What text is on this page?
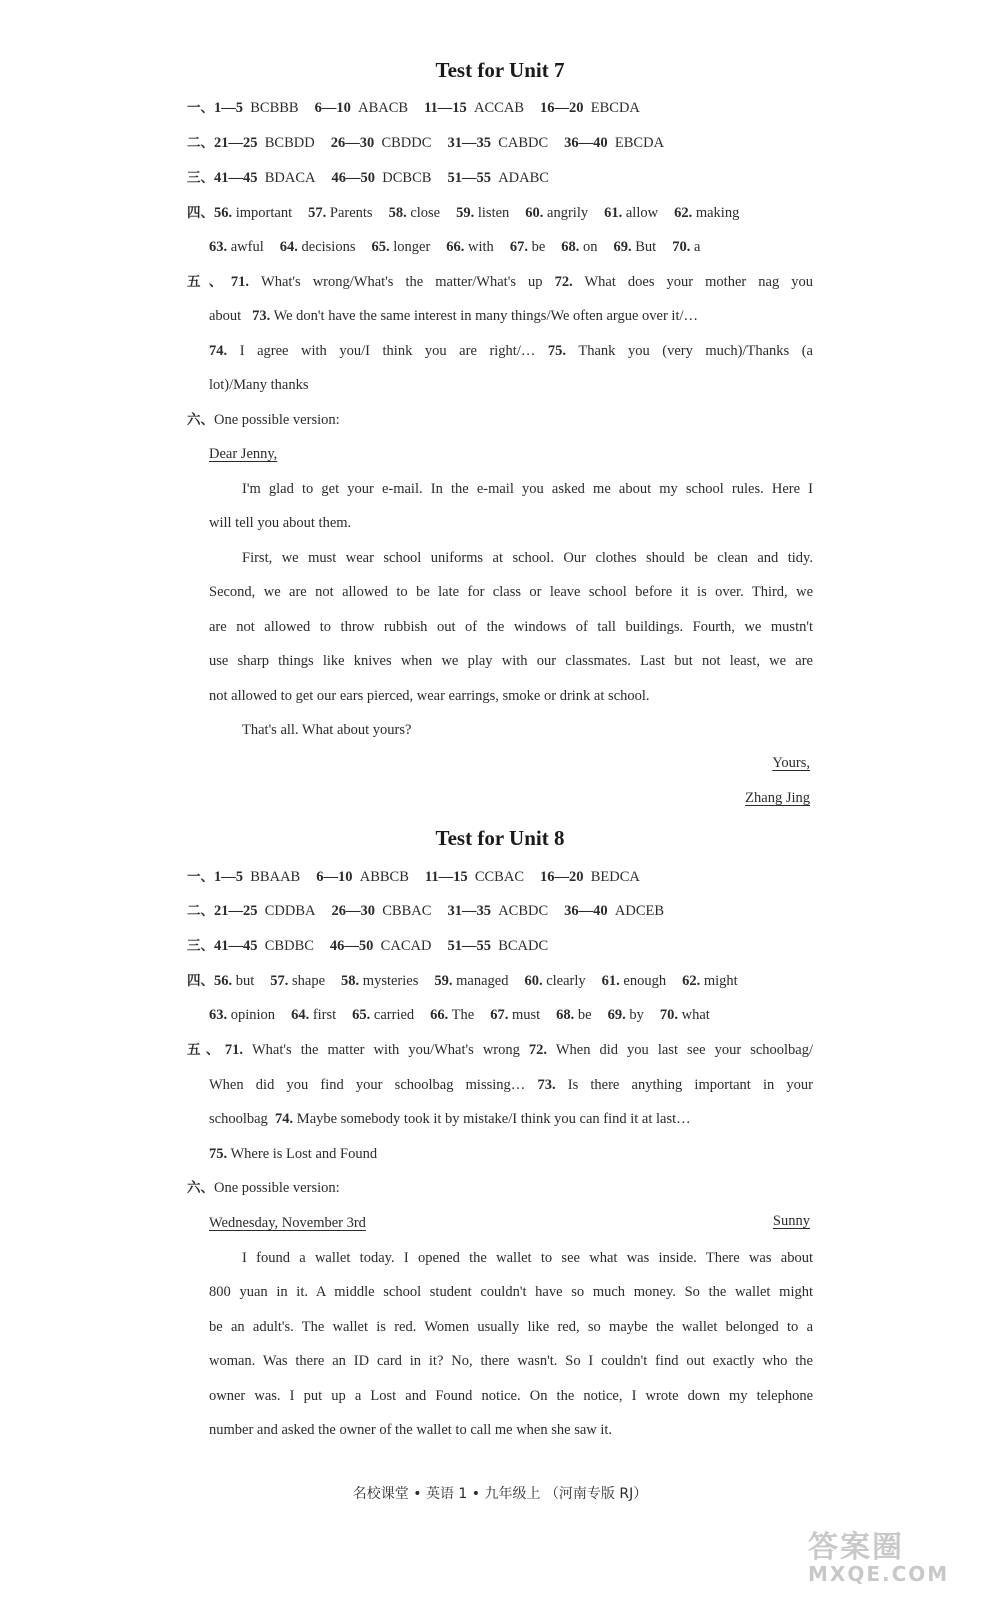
Test for Unit 7
一、1—5 BCBBB 6—10 ABACB 11—15 ACCAB 16—20 EBCDA
二、21—25 BCBDD 26—30 CBDDC 31—35 CABDC 36—40 EBCDA
三、41—45 BDACA 46—50 DCBCB 51—55 ADABC
四、56. important 57. Parents 58. close 59. listen 60. angrily 61. allow 62. making
63. awful 64. decisions 65. longer 66. with 67. be 68. on 69. But 70. a
五、71. What's wrong/What's the matter/What's up 72. What does your mother nag you
about 73. We don't have the same interest in many things/We often argue over it/…
74. I agree with you/I think you are right/… 75. Thank you (very much)/Thanks (a
lot)/Many thanks
六、One possible version:
Dear Jenny,
I'm glad to get your e-mail. In the e-mail you asked me about my school rules. Here I
will tell you about them.
First, we must wear school uniforms at school. Our clothes should be clean and tidy.
Second, we are not allowed to be late for class or leave school before it is over. Third, we
are not allowed to throw rubbish out of the windows of tall buildings. Fourth, we mustn't
use sharp things like knives when we play with our classmates. Last but not least, we are
not allowed to get our ears pierced, wear earrings, smoke or drink at school.
That's all. What about yours?
Yours,
Zhang Jing
Test for Unit 8
一、1—5 BBAAB 6—10 ABBCB 11—15 CCBAC 16—20 BEDCA
二、21—25 CDDBA 26—30 CBBAC 31—35 ACBDC 36—40 ADCEB
三、41—45 CBDBC 46—50 CACAD 51—55 BCADC
四、56. but 57. shape 58. mysteries 59. managed 60. clearly 61. enough 62. might
63. opinion 64. first 65. carried 66. The 67. must 68. be 69. by 70. what
五、71. What's the matter with you/What's wrong 72. When did you last see your schoolbag/
When did you find your schoolbag missing… 73. Is there anything important in your
schoolbag 74. Maybe somebody took it by mistake/I think you can find it at last…
75. Where is Lost and Found
六、One possible version:
Wednesday, November 3rd	Sunny
I found a wallet today. I opened the wallet to see what was inside. There was about
800 yuan in it. A middle school student couldn't have so much money. So the wallet might
be an adult's. The wallet is red. Women usually like red, so maybe the wallet belonged to a
woman. Was there an ID card in it? No, there wasn't. So I couldn't find out exactly who the
owner was. I put up a Lost and Found notice. On the notice, I wrote down my telephone
number and asked the owner of the wallet to call me when she saw it.
名校课堂 • 英语 1 • 九年级上 （河南专版 RJ）
答案圈
MXQE.COM
